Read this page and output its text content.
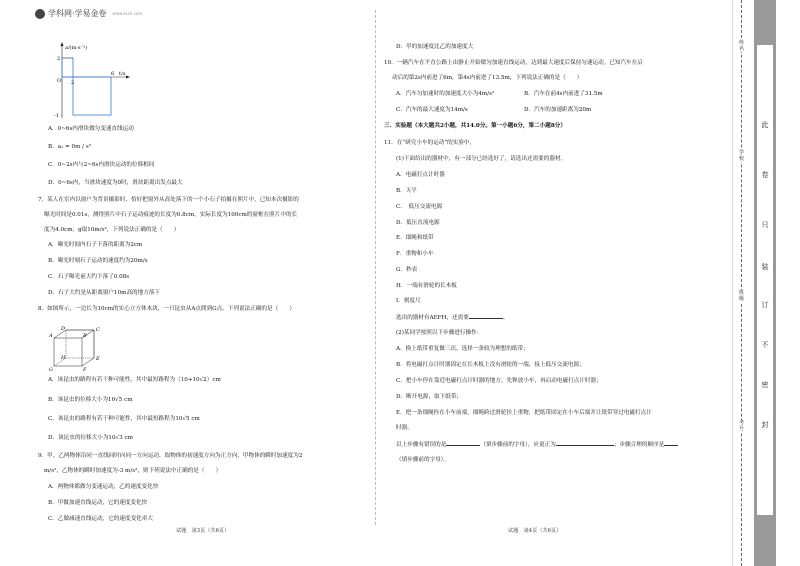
学科网·学易金卷 www.zxxk.com
a/(m·s⁻²)
t/s
2
-1
2
6
O
A	B
C
D
G	F
E
H
A．0~6s内滑块做匀变速直线运动
B．a₁ = 0m / s²
C．0~2s内与2~6s内滑块运动的位移相同
D．0~6s内，当滑块速度为0时，滑块距离出发点最大
7．某人在室内以窗户为背景摄影时，恰好把窗外从高处落下的一个小石子拍摄在照片中，已知本次摄影的
曝光时间是0.01s，测得照片中石子运动痕迹的长度为0.8cm，实际长度为100cm的窗框在照片中的长
度为4.0cm。g取10m/s²，下列说法正确的是（　　）
A．曝光时间内石子下落的距离为2cm
B．曝光时刻石子运动的速度约为20m/s
C．石子曝光前大约下落了0.08s
D．石子大约是从距离窗户10m高的地方落下
8．如图所示，一边长为10cm的实心立方体木块，一只昆虫从A点爬到G点。下列说法正确的是（　　）
A．该昆虫的路程有若干种可能性，其中最短路程为（10+10√2）cm
B．该昆虫的位移大小为10√5 cm
C．该昆虫的路程有若干种可能性，其中最短路程为10√5 cm
D．该昆虫的位移大小为10√3 cm
9．甲、乙两物体沿同一直线同时向同一方向运动，取物体的初速度方向为正方向，甲物体的瞬时加速度为2
m/s²，乙物体的瞬时加速度为-3 m/s²，则下列说法中正确的是（　　）
A．两物体都做匀变速运动，乙的速度变化快
B．甲做加速直线运动，它的速度变化快
C．乙做减速直线运动，它的速度变化率大
D．甲的加速度比乙的加速度大
10．一辆汽车在平直公路上由静止开始做匀加速直线运动，达到最大速度后保持匀速运动。已知汽车在启
动后的第2s内前进了6m，第4s内前进了13.5m，下列说法正确的是（　　）
A．汽车匀加速时的加速度大小为4m/s²	B．汽车在前4s内前进了31.5m
C．汽车的最大速度为14m/s	D．汽车的加速距离为20m
三．实验题（本大题共2小题，共14.0分。第一小题6分，第二小题8分）
11．在“研究小车的运动”的实验中，
(1)下面给出的器材中，有一部分已经选好了，请选出还需要的器材。
A．电磁打点计时器
B．天平
C．　低压交流电源
D．低压直流电源
E．细绳和纸带
F．重物和小车
G．秒表
H．一端有滑轮的长木板
I．刻度尺
选出的器材有AEFH，还需要	。
(2)某同学按照以下步骤进行操作：
A．换上纸带重复做三次，选择一条较为理想的纸带；
B．将电磁打点计时器固定在长木板上没有滑轮的一端，接上低压交流电源；
C．把小车停在靠近电磁打点计时器的地方，先释放小车，再启动电磁打点计时器；
D．断开电源，取下纸带；
E．把一条细绳拴在小车前端，细绳跨过滑轮挂上重物，把纸带固定在小车后端并让纸带穿过电磁打点计
时器。
以上步骤有错误的是	（填步骤前的字母），应更正为	；步骤合理的顺序是
（填步骤前的字母）。
试题　第3页（共6页）	试题　第4页（共6页）
姓名
学校
班级
考号
此
卷
只
装
订
不
密
封
